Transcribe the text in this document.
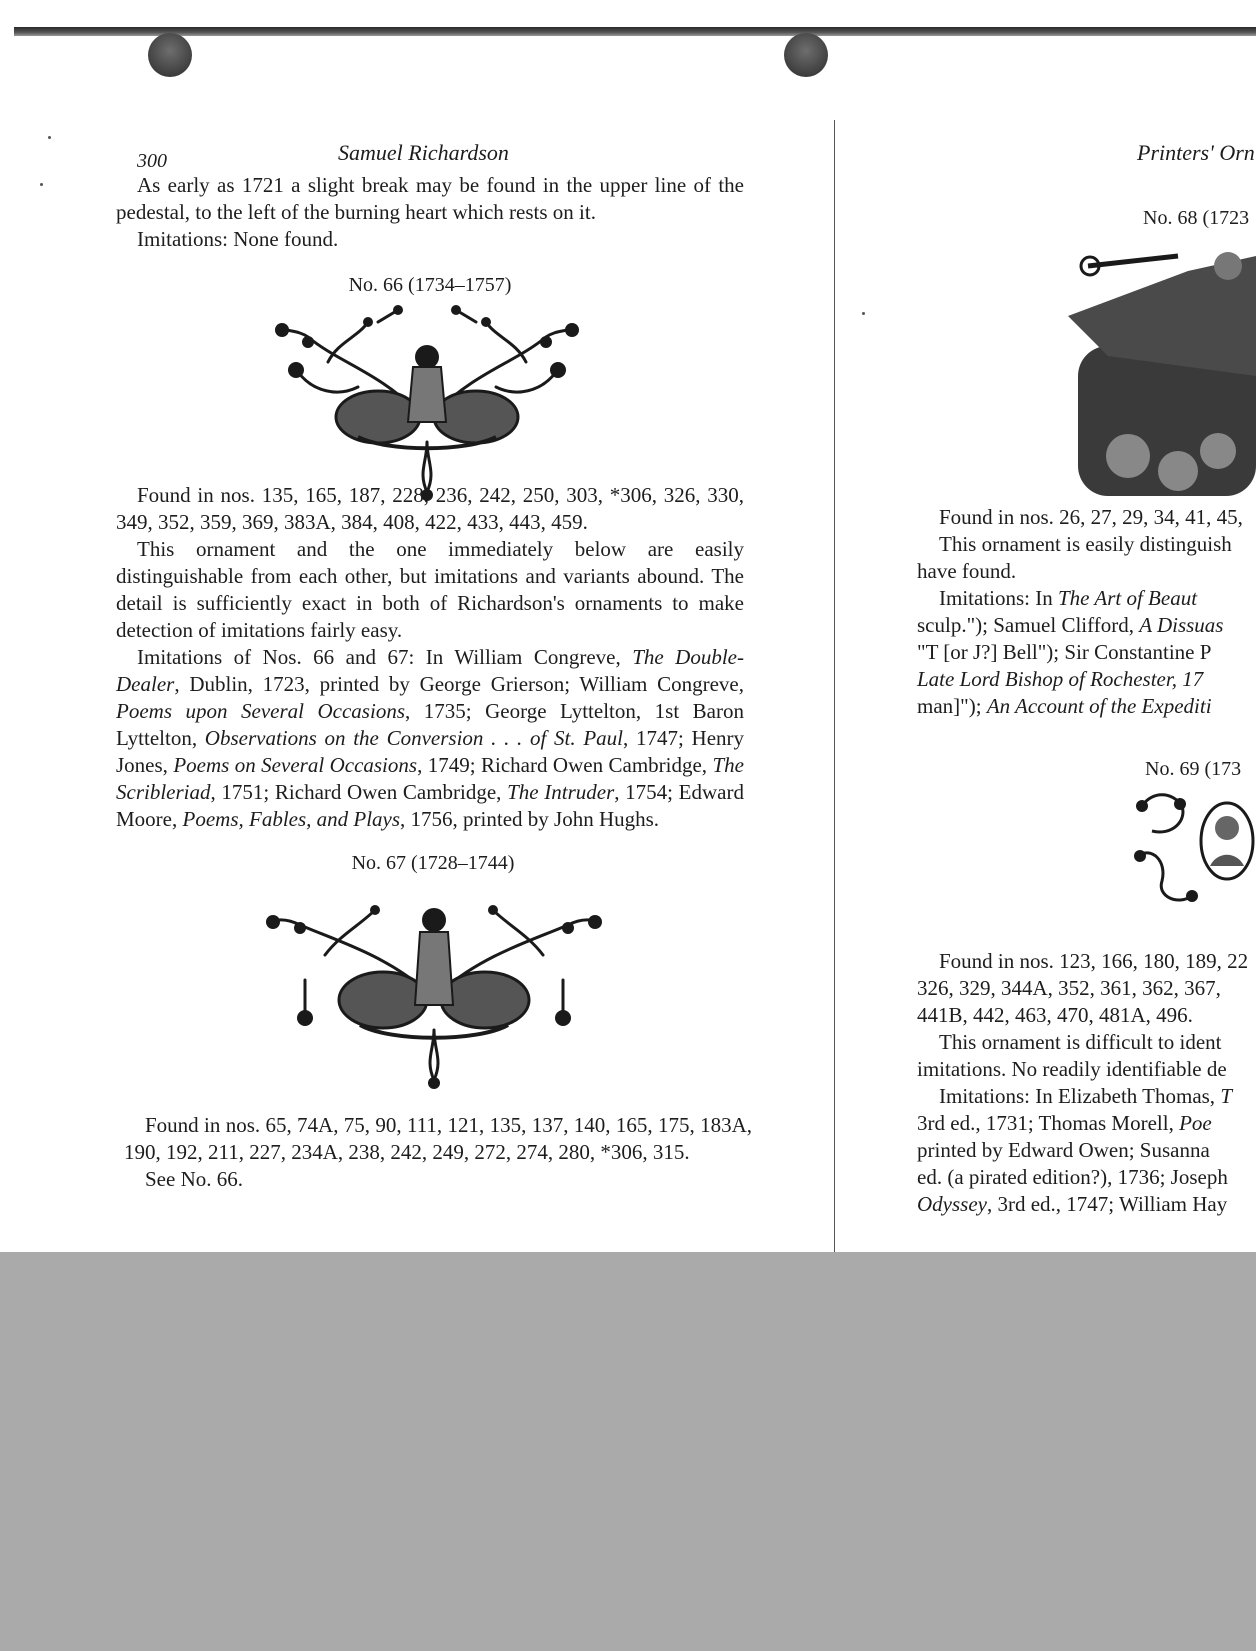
300	Samuel Richardson

As early as 1721 a slight break may be found in the upper line of the pedestal, to the left of the burning heart which rests on it.

Imitations: None found.

No. 66 (1734–1757)

Found in nos. 135, 165, 187, 228, 236, 242, 250, 303, *306, 326, 330, 349, 352, 359, 369, 383A, 384, 408, 422, 433, 443, 459.

This ornament and the one immediately below are easily distinguishable from each other, but imitations and variants abound. The detail is sufficiently exact in both of Richardson's ornaments to make detection of imitations fairly easy.

Imitations of Nos. 66 and 67: In William Congreve, The Double-Dealer, Dublin, 1723, printed by George Grierson; William Congreve, Poems upon Several Occasions, 1735; George Lyttelton, 1st Baron Lyttelton, Observations on the Conversion . . . of St. Paul, 1747; Henry Jones, Poems on Several Occasions, 1749; Richard Owen Cambridge, The Scribleriad, 1751; Richard Owen Cambridge, The Intruder, 1754; Edward Moore, Poems, Fables, and Plays, 1756, printed by John Hughs.

No. 67 (1728–1744)

Found in nos. 65, 74A, 75, 90, 111, 121, 135, 137, 140, 165, 175, 183A, 190, 192, 211, 227, 234A, 238, 242, 249, 272, 274, 280, *306, 315.

See No. 66.

Printers' Orn
No. 68 (1723

Found in nos. 26, 27, 29, 34, 41, 45,

This ornament is easily distinguish

have found.

Imitations: In The Art of Beaut

sculp."); Samuel Clifford, A Dissuas

"T [or J?] Bell"); Sir Constantine P

Late Lord Bishop of Rochester, 17

man]"); An Account of the Expediti

No. 69 (173

Found in nos. 123, 166, 180, 189, 22

326, 329, 344A, 352, 361, 362, 367,

441B, 442, 463, 470, 481A, 496.

This ornament is difficult to ident

imitations. No readily identifiable de

Imitations: In Elizabeth Thomas, T

3rd ed., 1731; Thomas Morell, Poe

printed by Edward Owen; Susanna

ed. (a pirated edition?), 1736; Joseph

Odyssey, 3rd ed., 1747; William Hay
